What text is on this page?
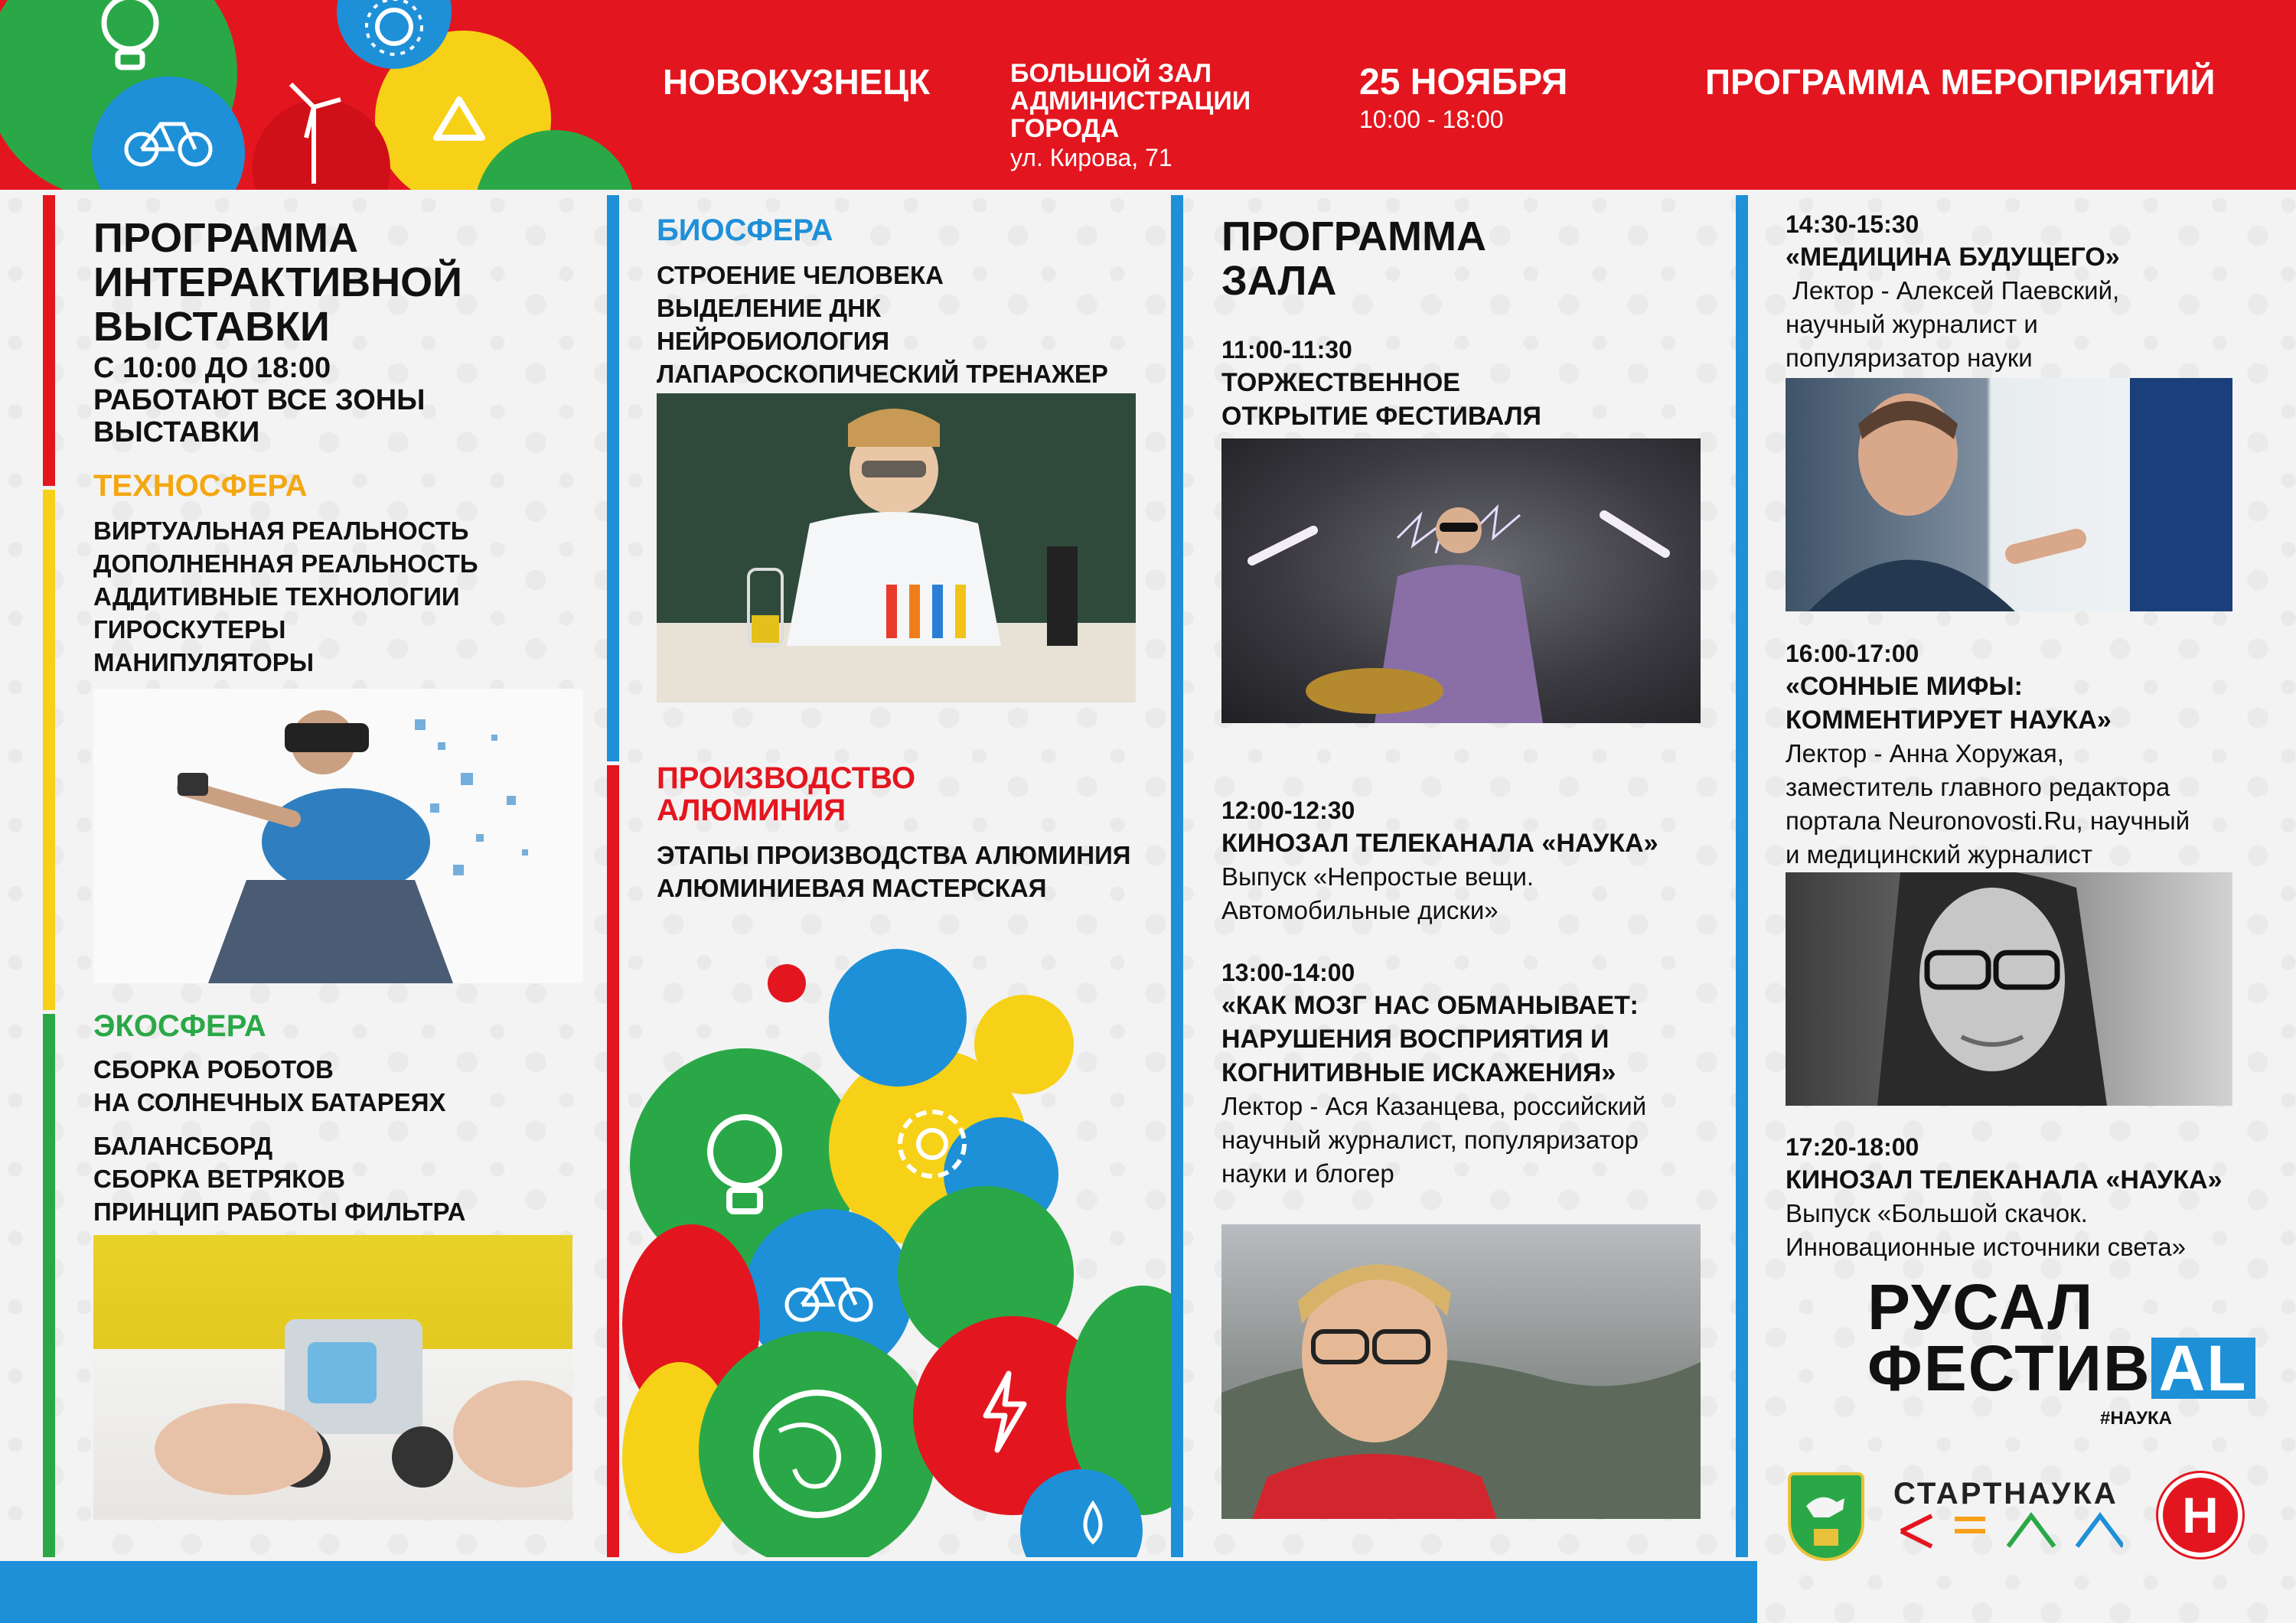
НОВОКУЗНЕЦК	БОЛЬШОЙ ЗАЛ
АДМИНИСТРАЦИИ
ГОРОДА
ул. Кирова, 71
25 НОЯБРЯ
10:00 - 18:00
ПРОГРАММА МЕРОПРИЯТИЙ
ПРОГРАММА
ИНТЕРАКТИВНОЙ
ВЫСТАВКИ
С 10:00 ДО 18:00
РАБОТАЮТ ВСЕ ЗОНЫ
ВЫСТАВКИ
ТЕХНОСФЕРА
ВИРТУАЛЬНАЯ РЕАЛЬНОСТЬ
ДОПОЛНЕННАЯ РЕАЛЬНОСТЬ
АДДИТИВНЫЕ ТЕХНОЛОГИИ
ГИРОСКУТЕРЫ
МАНИПУЛЯТОРЫ
ЭКОСФЕРА
СБОРКА РОБОТОВ
НА СОЛНЕЧНЫХ БАТАРЕЯХ
БАЛАНСБОРД
СБОРКА ВЕТРЯКОВ
ПРИНЦИП РАБОТЫ ФИЛЬТРА
БИОСФЕРА
СТРОЕНИЕ ЧЕЛОВЕКА
ВЫДЕЛЕНИЕ ДНК
НЕЙРОБИОЛОГИЯ
ЛАПАРОСКОПИЧЕСКИЙ ТРЕНАЖЕР
ПРОИЗВОДСТВО
АЛЮМИНИЯ
ЭТАПЫ ПРОИЗВОДСТВА АЛЮМИНИЯ
АЛЮМИНИЕВАЯ МАСТЕРСКАЯ
ПРОГРАММА
ЗАЛА
11:00-11:30
ТОРЖЕСТВЕННОЕ
ОТКРЫТИЕ ФЕСТИВАЛЯ
12:00-12:30
КИНОЗАЛ ТЕЛЕКАНАЛА «НАУКА»
Выпуск «Непростые вещи.
Автомобильные диски»
13:00-14:00
«КАК МОЗГ НАС ОБМАНЫВАЕТ:
НАРУШЕНИЯ ВОСПРИЯТИЯ И
КОГНИТИВНЫЕ ИСКАЖЕНИЯ»
Лектор - Ася Казанцева, российский
научный журналист, популяризатор
науки и блогер
14:30-15:30
«МЕДИЦИНА БУДУЩЕГО»
Лектор - Алексей Паевский,
научный журналист и
популяризатор науки
16:00-17:00
«СОННЫЕ МИФЫ:
КОММЕНТИРУЕТ НАУКА»
Лектор - Анна Хоружая,
заместитель главного редактора
портала Neuronovosti.Ru, научный
и медицинский журналист
17:20-18:00
КИНОЗАЛ ТЕЛЕКАНАЛА «НАУКА»
Выпуск «Большой скачок.
Инновационные источники света»
РУСАЛ
ФЕСТИВ AL
#НАУКА
СТАРТНАУКА H
